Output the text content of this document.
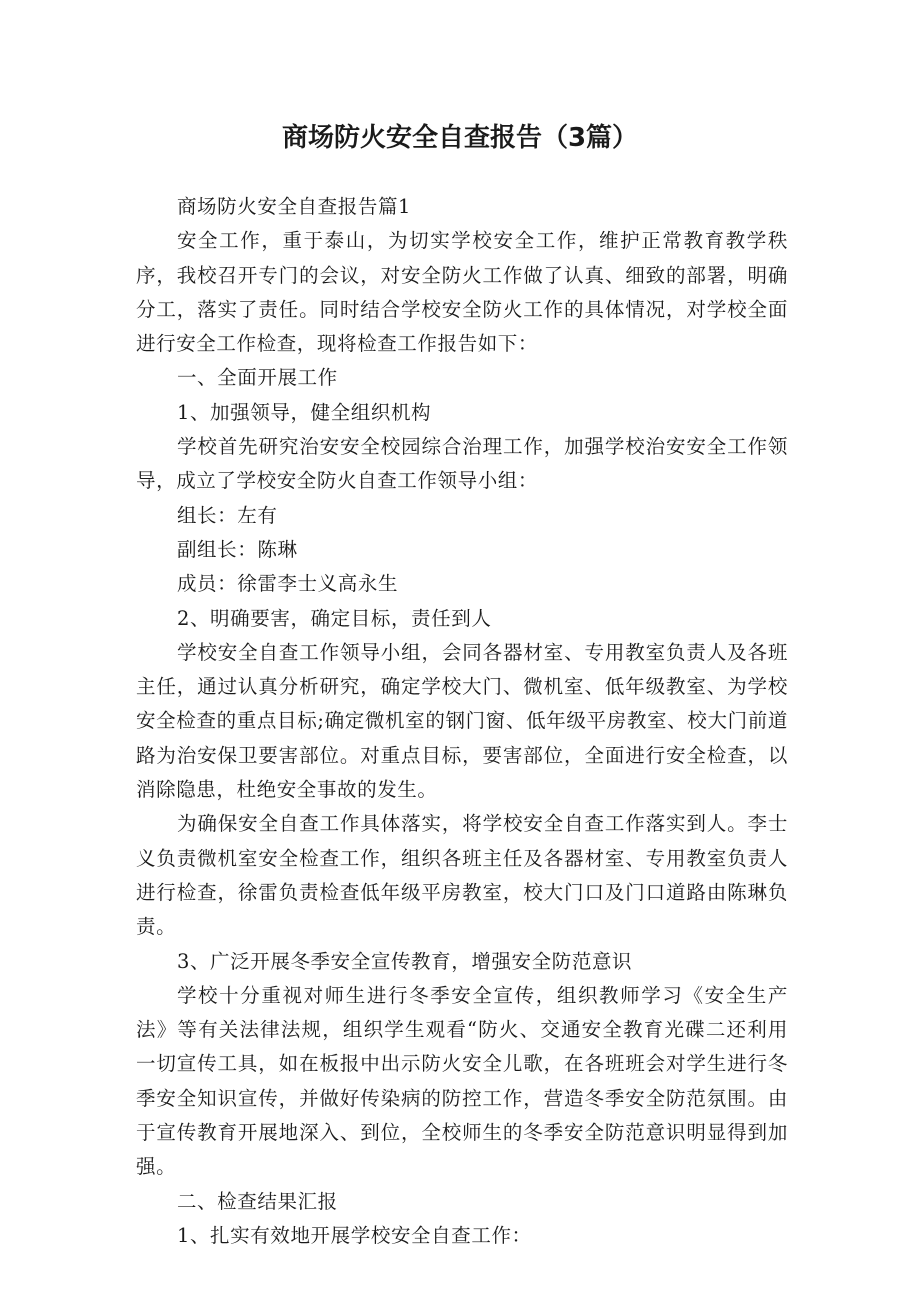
商场防火安全自查报告（3篇）

商场防火安全自查报告篇1

安全工作，重于泰山，为切实学校安全工作，维护正常教育教学秩序，我校召开专门的会议，对安全防火工作做了认真、细致的部署，明确分工，落实了责任。同时结合学校安全防火工作的具体情况，对学校全面进行安全工作检查，现将检查工作报告如下：

一、全面开展工作

1、加强领导，健全组织机构

学校首先研究治安安全校园综合治理工作，加强学校治安安全工作领导，成立了学校安全防火自查工作领导小组：

组长：左有

副组长：陈琳

成员：徐雷李士义高永生

2、明确要害，确定目标，责任到人

学校安全自查工作领导小组，会同各器材室、专用教室负责人及各班主任，通过认真分析研究，确定学校大门、微机室、低年级教室、为学校安全检查的重点目标;确定微机室的钢门窗、低年级平房教室、校大门前道路为治安保卫要害部位。对重点目标，要害部位，全面进行安全检查，以消除隐患，杜绝安全事故的发生。

为确保安全自查工作具体落实，将学校安全自查工作落实到人。李士义负责微机室安全检查工作，组织各班主任及各器材室、专用教室负责人进行检查，徐雷负责检查低年级平房教室，校大门口及门口道路由陈琳负责。

3、广泛开展冬季安全宣传教育，增强安全防范意识

学校十分重视对师生进行冬季安全宣传，组织教师学习《安全生产法》等有关法律法规，组织学生观看“防火、交通安全教育光碟二还利用一切宣传工具，如在板报中出示防火安全儿歌，在各班班会对学生进行冬季安全知识宣传，并做好传染病的防控工作，营造冬季安全防范氛围。由于宣传教育开展地深入、到位，全校师生的冬季安全防范意识明显得到加强。

二、检查结果汇报

1、扎实有效地开展学校安全自查工作：
